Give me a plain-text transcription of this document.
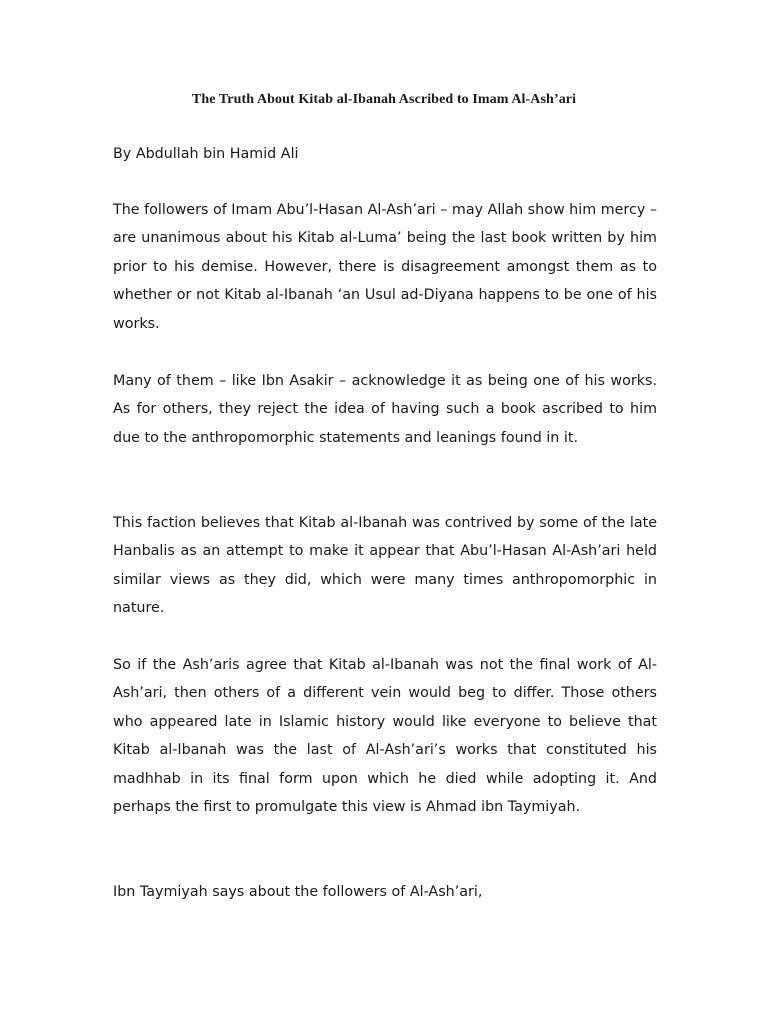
The Truth About Kitab al-Ibanah Ascribed to Imam Al-Ash’ari

By Abdullah bin Hamid Ali

The followers of Imam Abu’l-Hasan Al-Ash’ari – may Allah show him mercy – are unanimous about his Kitab al-Luma’ being the last book written by him prior to his demise. However, there is disagreement amongst them as to whether or not Kitab al-Ibanah ‘an Usul ad-Diyana happens to be one of his works.

Many of them – like Ibn Asakir – acknowledge it as being one of his works. As for others, they reject the idea of having such a book ascribed to him due to the anthropomorphic statements and leanings found in it.

This faction believes that Kitab al-Ibanah was contrived by some of the late Hanbalis as an attempt to make it appear that Abu’l-Hasan Al-Ash’ari held similar views as they did, which were many times anthropomorphic in nature.

So if the Ash’aris agree that Kitab al-Ibanah was not the final work of Al-Ash’ari, then others of a different vein would beg to differ. Those others who appeared late in Islamic history would like everyone to believe that Kitab al-Ibanah was the last of Al-Ash’ari’s works that constituted his madhhab in its final form upon which he died while adopting it. And perhaps the first to promulgate this view is Ahmad ibn Taymiyah.

Ibn Taymiyah says about the followers of Al-Ash’ari,
